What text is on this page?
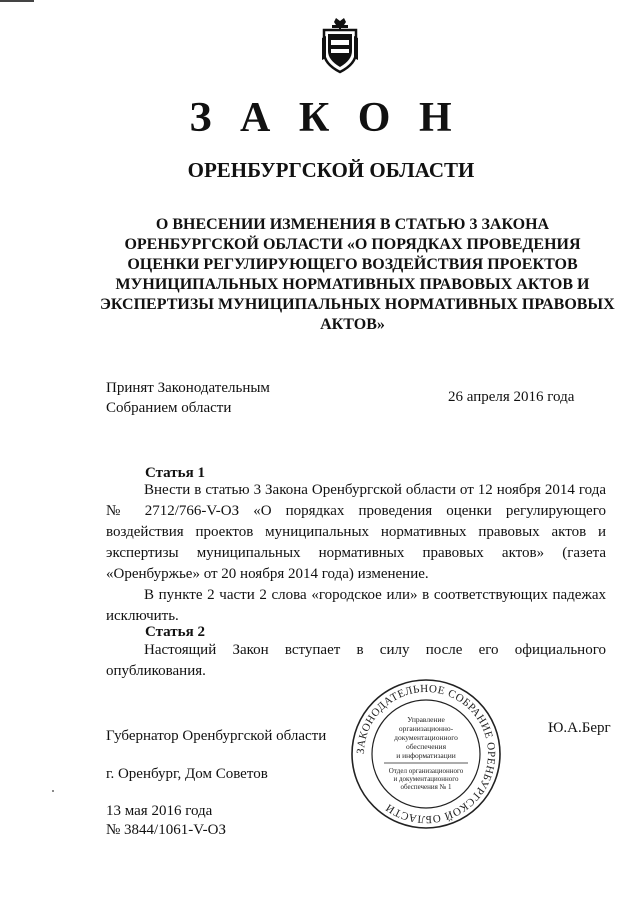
З А К О Н
ОРЕНБУРГСКОЙ ОБЛАСТИ
О ВНЕСЕНИИ ИЗМЕНЕНИЯ В СТАТЬЮ 3 ЗАКОНА
ОРЕНБУРГСКОЙ ОБЛАСТИ «О ПОРЯДКАХ ПРОВЕДЕНИЯ
ОЦЕНКИ РЕГУЛИРУЮЩЕГО ВОЗДЕЙСТВИЯ ПРОЕКТОВ
МУНИЦИПАЛЬНЫХ НОРМАТИВНЫХ ПРАВОВЫХ АКТОВ И
ЭКСПЕРТИЗЫ МУНИЦИПАЛЬНЫХ НОРМАТИВНЫХ ПРАВОВЫХ
АКТОВ»
Принят Законодательным
Собранием области
26 апреля 2016 года
Статья 1

Внести в статью 3 Закона Оренбургской области от 12 ноября 2014 года № 2712/766-V-ОЗ «О порядках проведения оценки регулирующего воздействия проектов муниципальных нормативных правовых актов и экспертизы муниципальных нормативных правовых актов» (газета «Оренбуржье» от 20 ноября 2014 года) изменение.

В пункте 2 части 2 слова «городское или» в соответствующих падежах исключить.

Статья 2

Настоящий Закон вступает в силу после его официального опубликования.

ЗАКОНОДАТЕЛЬНОЕ СОБРАНИЕ ОРЕНБУРГСКОЙ ОБЛАСТИ
Управление
организационно-
документационного
обеспечения
и информатизации
Отдел организационного
и документационного
обеспечения № 1
Губернатор Оренбургской области	Ю.А.Берг
г. Оренбург, Дом Советов
13 мая 2016 года
№ 3844/1061-V-ОЗ
